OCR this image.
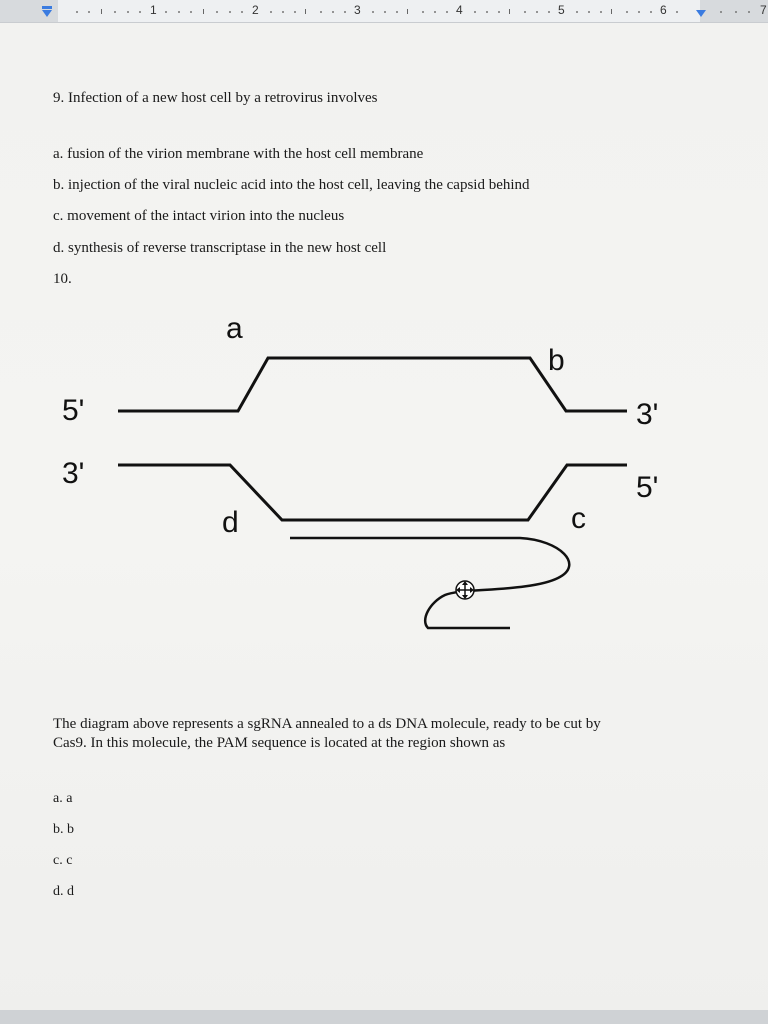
1	2	3	4	5	6	7
9. Infection of a new host cell by a retrovirus involves
a. fusion of the virion membrane with the host cell membrane
b. injection of the viral nucleic acid into the host cell, leaving the capsid behind
c. movement of the intact virion into the nucleus
d. synthesis of reverse transcriptase in the new host cell
10.
5'	3'
3'	5'
a
b
c
d
The diagram above represents a sgRNA annealed to a ds DNA molecule, ready to be cut by
Cas9. In this molecule, the PAM sequence is located at the region shown as
a. a
b. b
c. c
d. d
